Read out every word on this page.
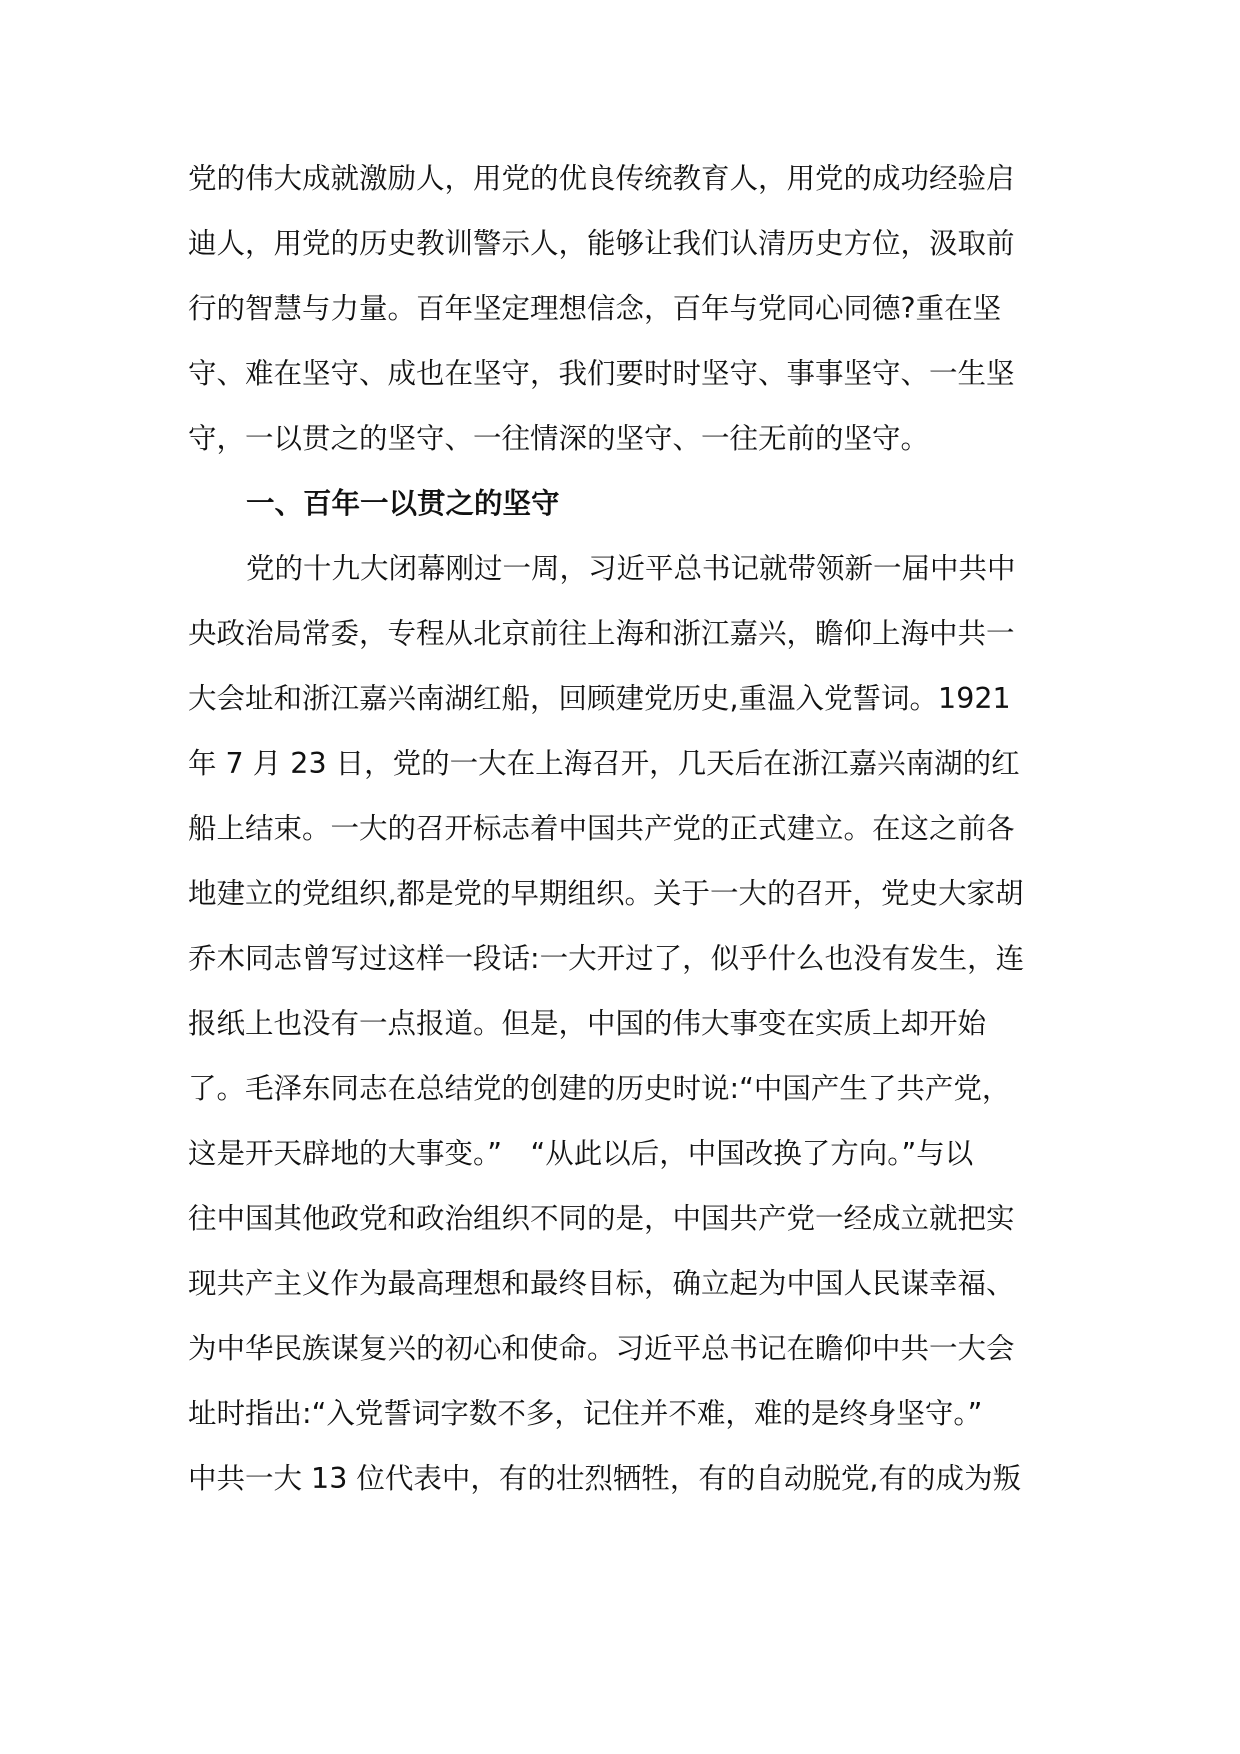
党的伟大成就激励人，用党的优良传统教育人，用党的成功经验启
迪人，用党的历史教训警示人，能够让我们认清历史方位，汲取前
行的智慧与力量。百年坚定理想信念，百年与党同心同德?重在坚
守、难在坚守、成也在坚守，我们要时时坚守、事事坚守、一生坚
守，一以贯之的坚守、一往情深的坚守、一往无前的坚守。
一、百年一以贯之的坚守
党的十九大闭幕刚过一周，习近平总书记就带领新一届中共中
央政治局常委，专程从北京前往上海和浙江嘉兴，瞻仰上海中共一
大会址和浙江嘉兴南湖红船，回顾建党历史,重温入党誓词。1921
年 7 月 23 日，党的一大在上海召开，几天后在浙江嘉兴南湖的红
船上结束。一大的召开标志着中国共产党的正式建立。在这之前各
地建立的党组织,都是党的早期组织。关于一大的召开，党史大家胡
乔木同志曾写过这样一段话:一大开过了，似乎什么也没有发生，连
报纸上也没有一点报道。但是，中国的伟大事变在实质上却开始
了。毛泽东同志在总结党的创建的历史时说:“中国产生了共产党，
这是开天辟地的大事变。”　“从此以后，中国改换了方向。”与以
往中国其他政党和政治组织不同的是，中国共产党一经成立就把实
现共产主义作为最高理想和最终目标，确立起为中国人民谋幸福、
为中华民族谋复兴的初心和使命。习近平总书记在瞻仰中共一大会
址时指出:“入党誓词字数不多，记住并不难，难的是终身坚守。”
中共一大 13 位代表中，有的壮烈牺牲，有的自动脱党,有的成为叛
